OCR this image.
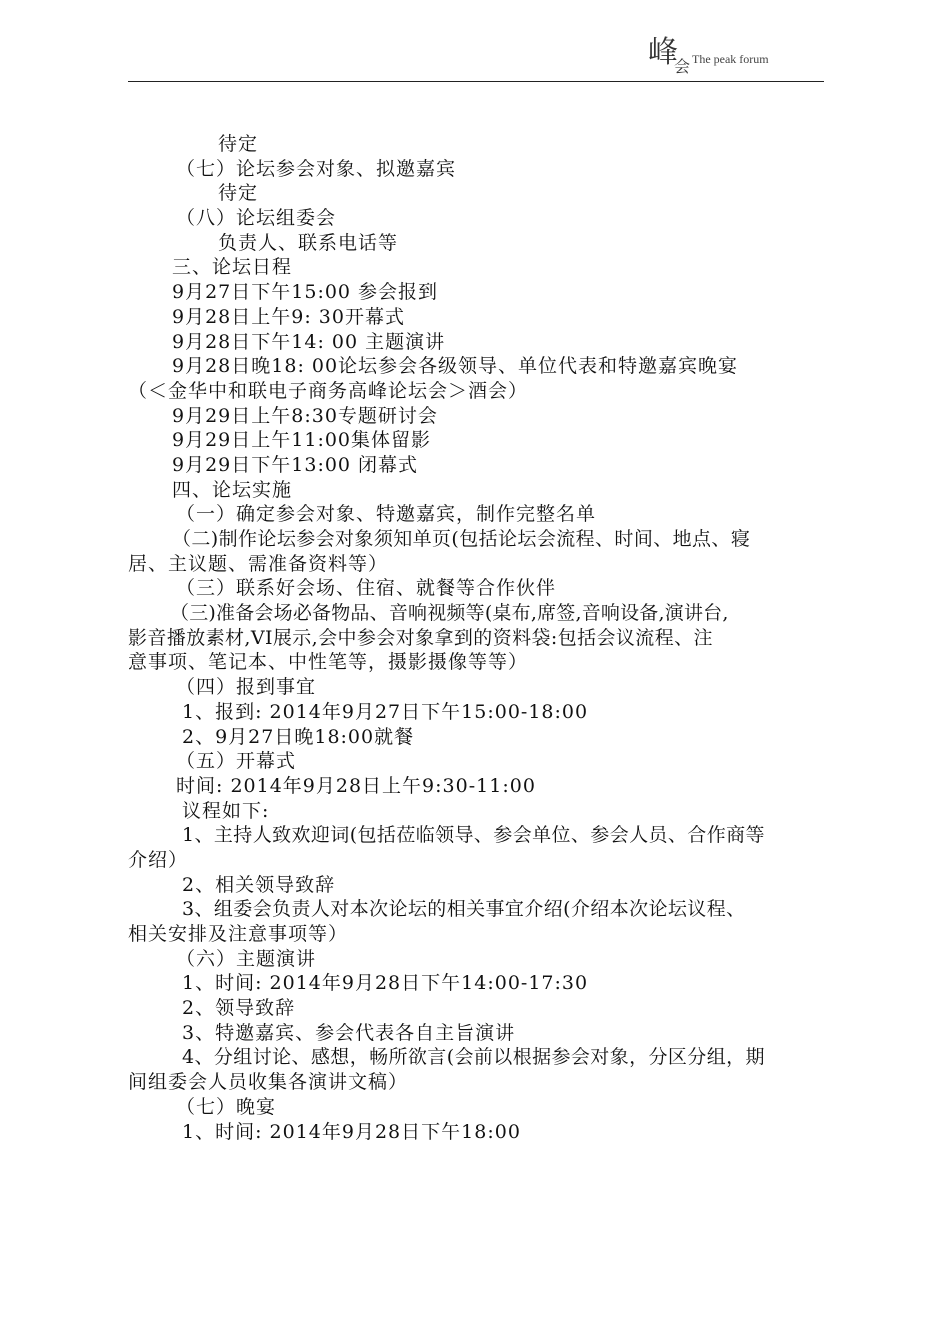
峰
会 The peak forum
待定
（七）论坛参会对象、拟邀嘉宾
待定
（八）论坛组委会
负责人、联系电话等
三、论坛日程
9月27日下午15:00 参会报到
9月28日上午9: 30开幕式
9月28日下午14: 00 主题演讲
9月28日晚18: 00论坛参会各级领导、单位代表和特邀嘉宾晚宴
（＜金华中和联电子商务高峰论坛会＞酒会）
9月29日上午8:30专题研讨会
9月29日上午11:00集体留影
9月29日下午13:00 闭幕式
四、论坛实施
（一）确定参会对象、特邀嘉宾，制作完整名单
（二)制作论坛参会对象须知单页(包括论坛会流程、时间、地点、寝
居、主议题、需准备资料等）
（三）联系好会场、住宿、就餐等合作伙伴
（三)准备会场必备物品、音响视频等(桌布,席签,音响设备,演讲台,
影音播放素材,VI展示,会中参会对象拿到的资料袋:包括会议流程、注
意事项、笔记本、中性笔等，摄影摄像等等）
（四）报到事宜
1、报到: 2014年9月27日下午15:00-18:00
2、9月27日晚18:00就餐
（五）开幕式
时间: 2014年9月28日上午9:30-11:00
议程如下:
1、主持人致欢迎词(包括莅临领导、参会单位、参会人员、合作商等
介绍）
2、相关领导致辞
3、组委会负责人对本次论坛的相关事宜介绍(介绍本次论坛议程、
相关安排及注意事项等）
（六）主题演讲
1、时间: 2014年9月28日下午14:00-17:30
2、领导致辞
3、特邀嘉宾、参会代表各自主旨演讲
4、分组讨论、感想，畅所欲言(会前以根据参会对象，分区分组，期
间组委会人员收集各演讲文稿）
（七）晚宴
1、时间: 2014年9月28日下午18:00
